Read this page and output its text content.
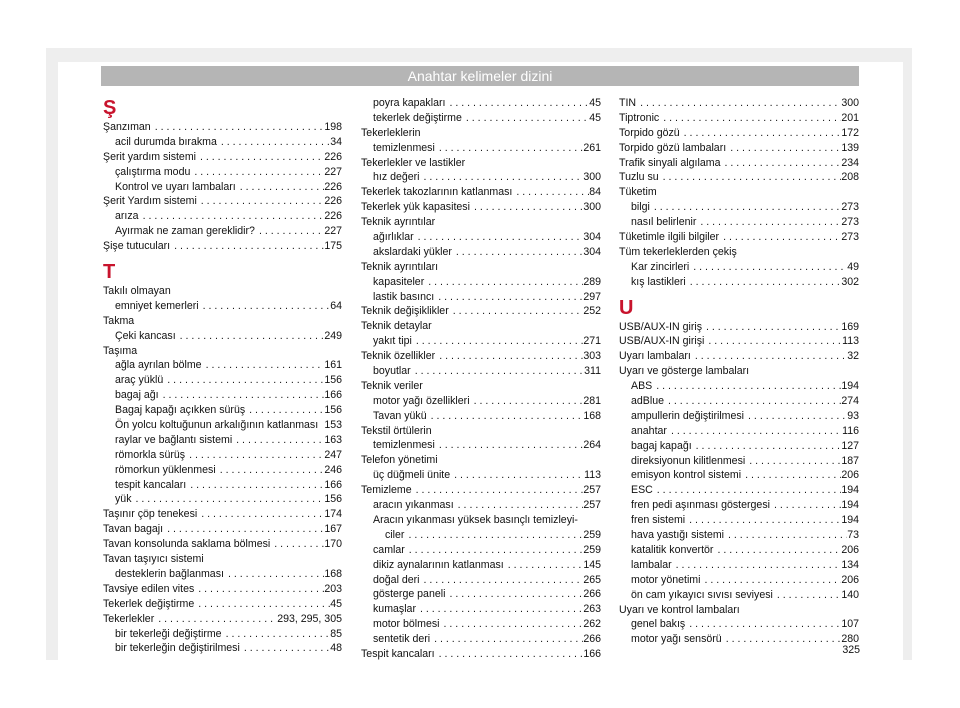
Anahtar kelimeler dizini
Ş
Şanzıman . . .	198
acil durumda bırakma . . .	34
Şerit yardım sistemi . . .	226
çalıştırma modu . . .	227
Kontrol ve uyarı lambaları . . .	226
Şerit Yardım sistemi . . .	226
arıza . . .	226
Ayırmak ne zaman gereklidir? . . .	227
Şişe tutucuları . . .	175
T
Takılı olmayan
emniyet kemerleri . . .	64
Takma
Çeki kancası . . .	249
Taşıma
ağla ayrılan bölme . . .	161
araç yüklü . . .	156
bagaj ağı . . .	166
Bagaj kapağı açıkken sürüş . . .	156
Ön yolcu koltuğunun arkalığının katlanması 153
raylar ve bağlantı sistemi . . .	163
römorkla sürüş . . .	247
römorkun yüklenmesi . . .	246
tespit kancaları . . .	166
yük . . .	156
Taşınır çöp tenekesi . . .	174
Tavan bagajı . . .	167
Tavan konsolunda saklama bölmesi . . .	170
Tavan taşıyıcı sistemi
desteklerin bağlanması . . .	168
Tavsiye edilen vites . . .	203
Tekerlek değiştirme . . .	45
Tekerlekler . . .	293, 295, 305
bir tekerleği değiştirme . . .	85
bir tekerleğin değiştirilmesi . . .	48
poyra kapakları . . .	45
tekerlek değiştirme . . .	45
Tekerleklerin
temizlenmesi . . .	261
Tekerlekler ve lastikler
hız değeri . . .	300
Tekerlek takozlarının katlanması . . .	84
Tekerlek yük kapasitesi . . .	300
Teknik ayrıntılar
ağırlıklar . . .	304
akslardaki yükler . . .	304
Teknik ayrıntıları
kapasiteler . . .	289
lastik basıncı . . .	297
Teknik değişiklikler . . .	252
Teknik detaylar
yakıt tipi . . .	271
Teknik özellikler . . .	303
boyutlar . . .	311
Teknik veriler
motor yağı özellikleri . . .	281
Tavan yükü . . .	168
Tekstil örtülerin
temizlenmesi . . .	264
Telefon yönetimi
üç düğmeli ünite . . .	113
Temizleme . . .	257
aracın yıkanması . . .	257
Aracın yıkanması yüksek basınçlı temizleyi-
ciler . . .	259
camlar . . .	259
dikiz aynalarının katlanması . . .	145
doğal deri . . .	265
gösterge paneli . . .	266
kumaşlar . . .	263
motor bölmesi . . .	262
sentetik deri . . .	266
Tespit kancaları . . .	166
TIN . . .	300
Tiptronic . . .	201
Torpido gözü . . .	172
Torpido gözü lambaları . . .	139
Trafik sinyali algılama . . .	234
Tuzlu su . . .	208
Tüketim
bilgi . . .	273
nasıl belirlenir . . .	273
Tüketimle ilgili bilgiler . . .	273
Tüm tekerleklerden çekiş
Kar zincirleri . . .	49
kış lastikleri . . .	302
U
USB/AUX-IN giriş . . .	169
USB/AUX-IN girişi . . .	113
Uyarı lambaları . . .	32
Uyarı ve gösterge lambaları
ABS . . .	194
adBlue . . .	274
ampullerin değiştirilmesi . . .	93
anahtar . . .	116
bagaj kapağı . . .	127
direksiyonun kilitlenmesi . . .	187
emisyon kontrol sistemi . . .	206
ESC . . .	194
fren pedi aşınması göstergesi . . .	194
fren sistemi . . .	194
hava yastığı sistemi . . .	73
katalitik konvertör . . .	206
lambalar . . .	134
motor yönetimi . . .	206
ön cam yıkayıcı sıvısı seviyesi . . .	140
Uyarı ve kontrol lambaları
genel bakış . . .	107
motor yağı sensörü . . .	280
325
